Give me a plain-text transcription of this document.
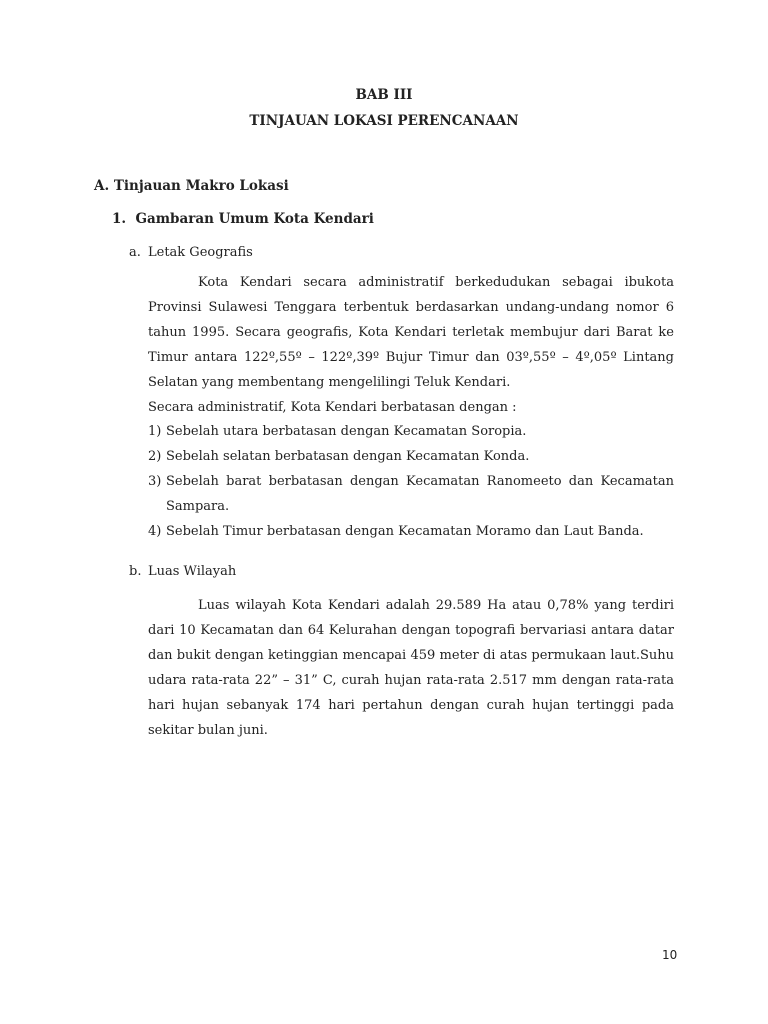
BAB III
TINJAUAN LOKASI PERENCANAAN
A. Tinjauan Makro Lokasi
1.  Gambaran Umum Kota Kendari
a. Letak Geografis

Kota Kendari secara administratif berkedudukan sebagai ibukota Provinsi Sulawesi Tenggara terbentuk berdasarkan undang-undang nomor 6 tahun 1995. Secara geografis, Kota Kendari terletak membujur dari Barat ke Timur antara 122º,55º – 122º,39º Bujur Timur dan 03º,55º – 4º,05º Lintang Selatan yang membentang mengelilingi Teluk Kendari.

Secara administratif, Kota Kendari berbatasan dengan :

1) Sebelah utara berbatasan dengan Kecamatan Soropia.
2) Sebelah selatan berbatasan dengan Kecamatan Konda.
3) Sebelah barat berbatasan dengan Kecamatan Ranomeeto dan Kecamatan Sampara.
4) Sebelah Timur berbatasan dengan Kecamatan Moramo dan Laut Banda.
b. Luas Wilayah

Luas wilayah Kota Kendari adalah 29.589 Ha atau 0,78% yang terdiri dari 10 Kecamatan dan 64 Kelurahan dengan topografi bervariasi antara datar dan bukit dengan ketinggian mencapai 459 meter di atas permukaan laut.Suhu udara rata-rata 22” – 31” C, curah hujan rata-rata 2.517 mm dengan rata-rata hari hujan sebanyak 174 hari pertahun dengan curah hujan tertinggi pada sekitar bulan juni.

10
